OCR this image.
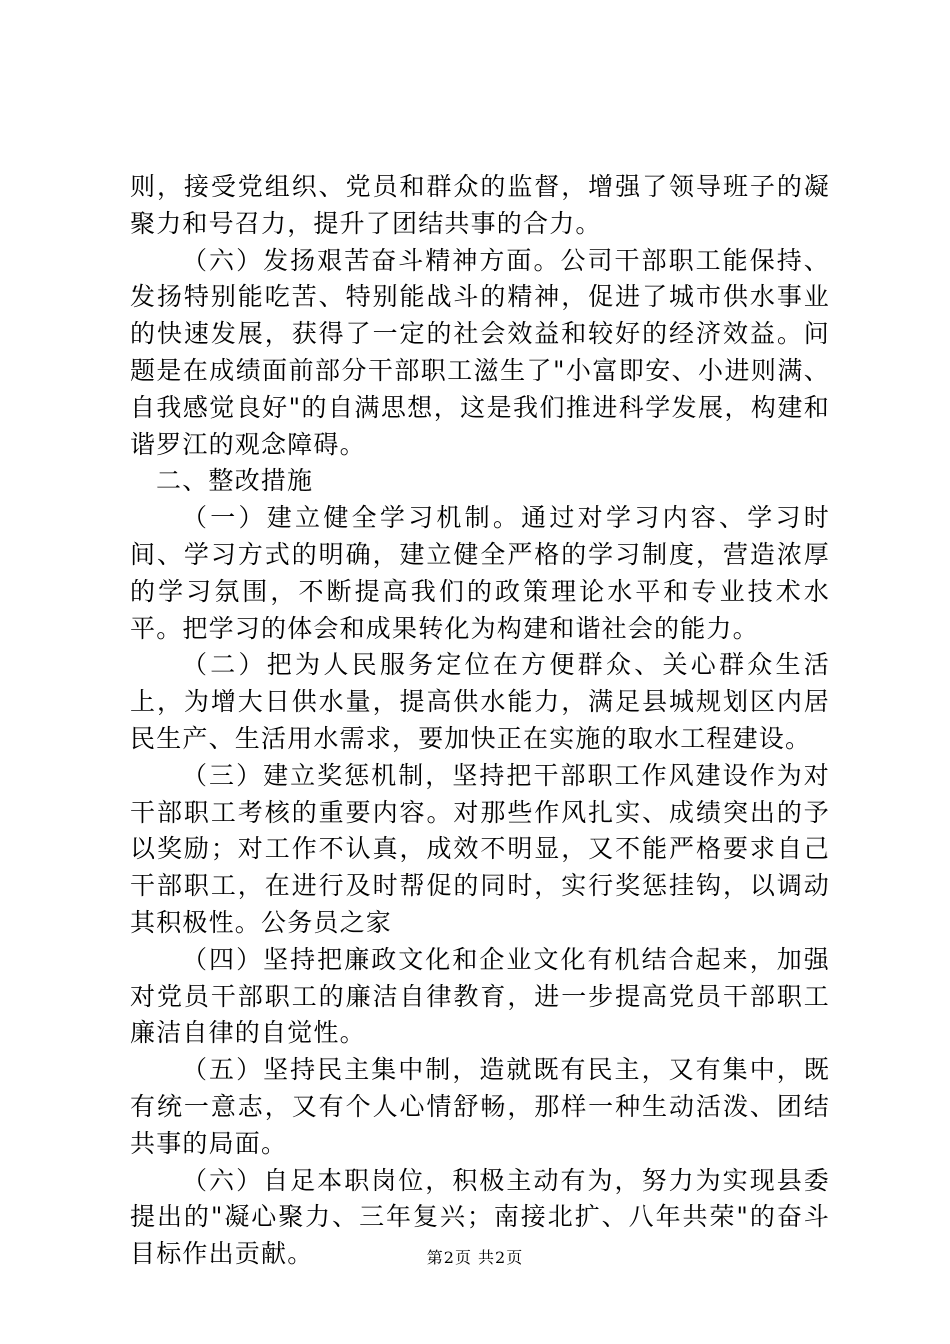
则，接受党组织、党员和群众的监督，增强了领导班子的凝聚力和号召力，提升了团结共事的合力。

（六）发扬艰苦奋斗精神方面。公司干部职工能保持、发扬特别能吃苦、特别能战斗的精神，促进了城市供水事业的快速发展，获得了一定的社会效益和较好的经济效益。问题是在成绩面前部分干部职工滋生了"小富即安、小进则满、自我感觉良好"的自满思想，这是我们推进科学发展，构建和谐罗江的观念障碍。

二、整改措施

（一）建立健全学习机制。通过对学习内容、学习时间、学习方式的明确，建立健全严格的学习制度，营造浓厚的学习氛围，不断提高我们的政策理论水平和专业技术水平。把学习的体会和成果转化为构建和谐社会的能力。

（二）把为人民服务定位在方便群众、关心群众生活上，为增大日供水量，提高供水能力，满足县城规划区内居民生产、生活用水需求，要加快正在实施的取水工程建设。

（三）建立奖惩机制，坚持把干部职工作风建设作为对干部职工考核的重要内容。对那些作风扎实、成绩突出的予以奖励；对工作不认真，成效不明显，又不能严格要求自己干部职工，在进行及时帮促的同时，实行奖惩挂钩，以调动其积极性。公务员之家

（四）坚持把廉政文化和企业文化有机结合起来，加强对党员干部职工的廉洁自律教育，进一步提高党员干部职工廉洁自律的自觉性。

（五）坚持民主集中制，造就既有民主，又有集中，既有统一意志，又有个人心情舒畅，那样一种生动活泼、团结共事的局面。

（六）自足本职岗位，积极主动有为，努力为实现县委提出的"凝心聚力、三年复兴；南接北扩、八年共荣"的奋斗目标作出贡献。	第2页 共2页
